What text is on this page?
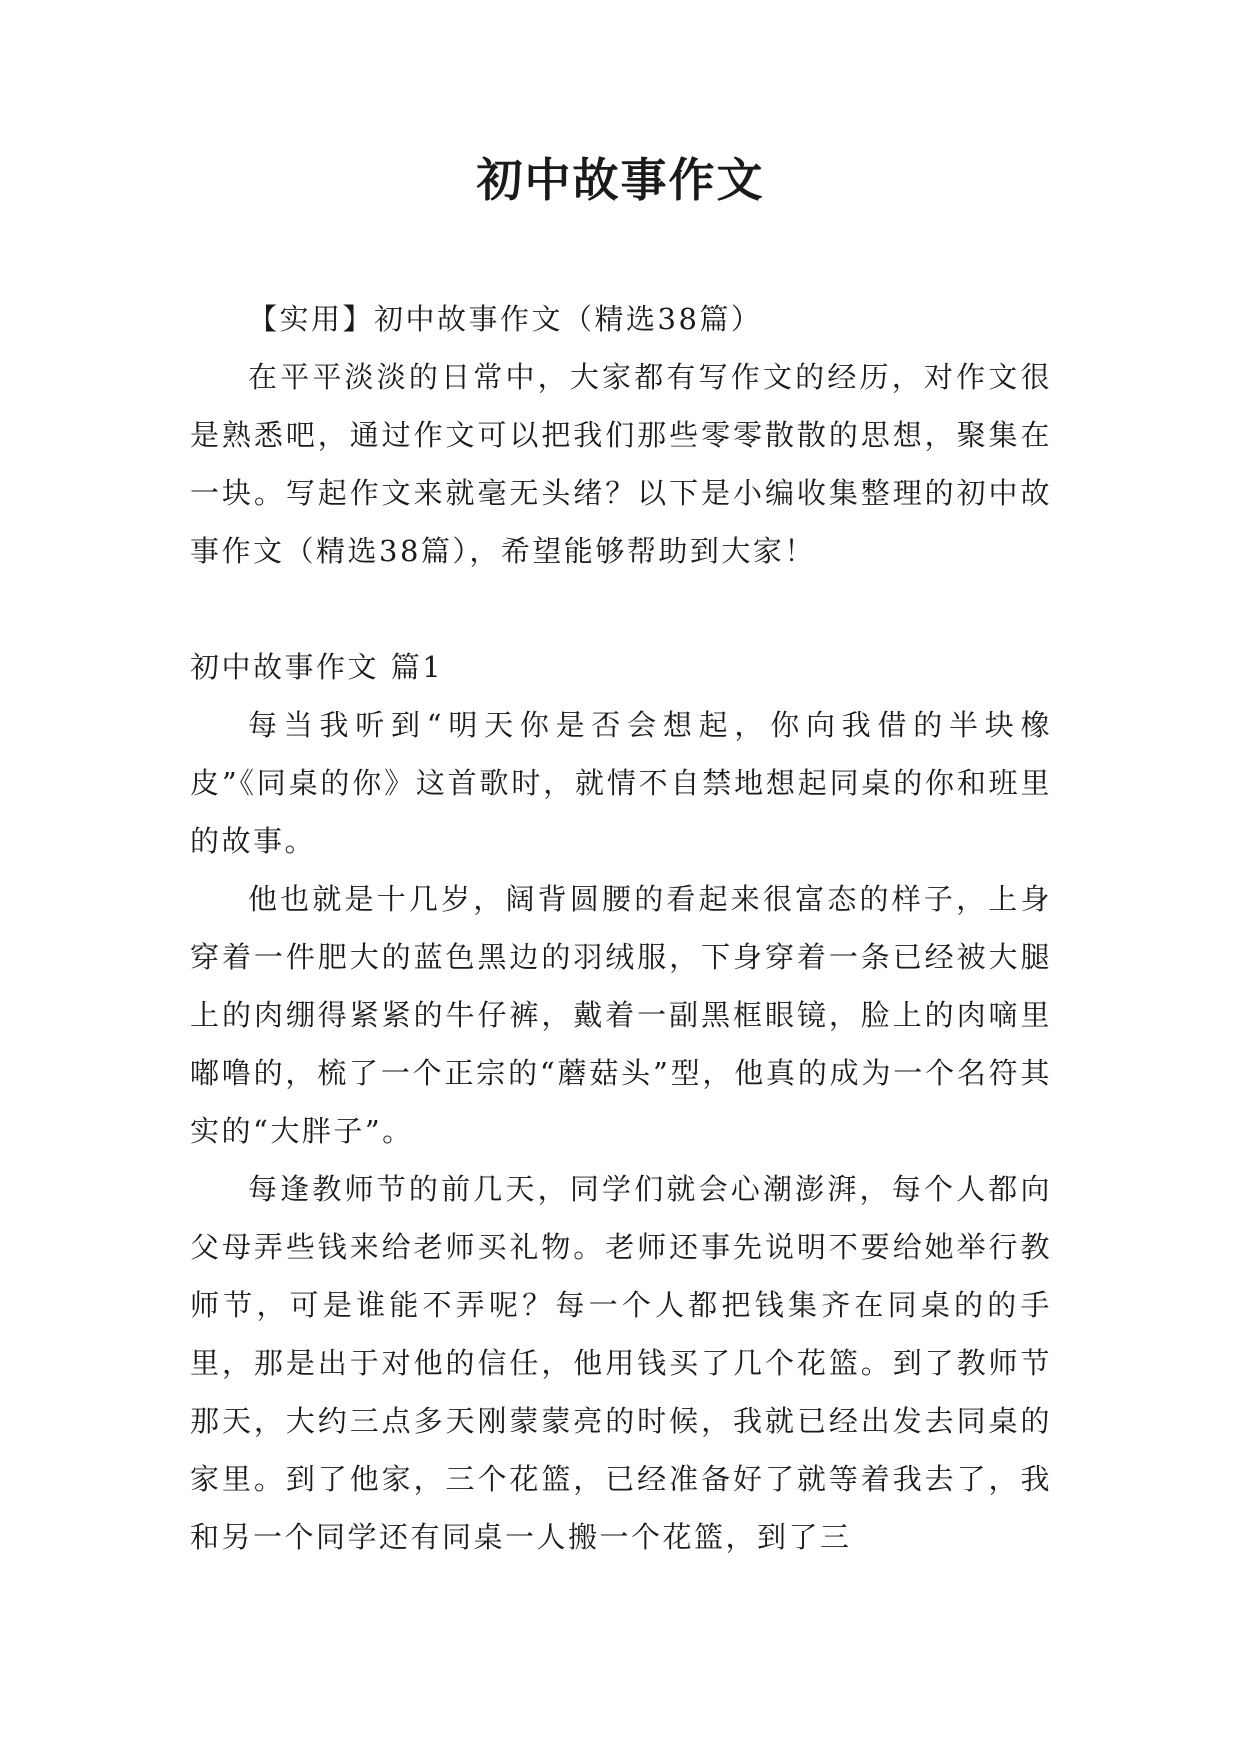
初中故事作文

【实用】初中故事作文（精选38篇）

在平平淡淡的日常中，大家都有写作文的经历，对作文很是熟悉吧，通过作文可以把我们那些零零散散的思想，聚集在一块。写起作文来就毫无头绪？以下是小编收集整理的初中故事作文（精选38篇），希望能够帮助到大家！

初中故事作文 篇1

每当我听到“明天你是否会想起，你向我借的半块橡皮”《同桌的你》这首歌时，就情不自禁地想起同桌的你和班里的故事。

他也就是十几岁，阔背圆腰的看起来很富态的样子，上身穿着一件肥大的蓝色黑边的羽绒服，下身穿着一条已经被大腿上的肉绷得紧紧的牛仔裤，戴着一副黑框眼镜，脸上的肉嘀里嘟噜的，梳了一个正宗的“蘑菇头”型，他真的成为一个名符其实的“大胖子”。

每逢教师节的前几天，同学们就会心潮澎湃，每个人都向父母弄些钱来给老师买礼物。老师还事先说明不要给她举行教师节，可是谁能不弄呢？每一个人都把钱集齐在同桌的的手里，那是出于对他的信任，他用钱买了几个花篮。到了教师节那天，大约三点多天刚蒙蒙亮的时候，我就已经出发去同桌的家里。到了他家，三个花篮，已经准备好了就等着我去了，我和另一个同学还有同桌一人搬一个花篮，到了三
